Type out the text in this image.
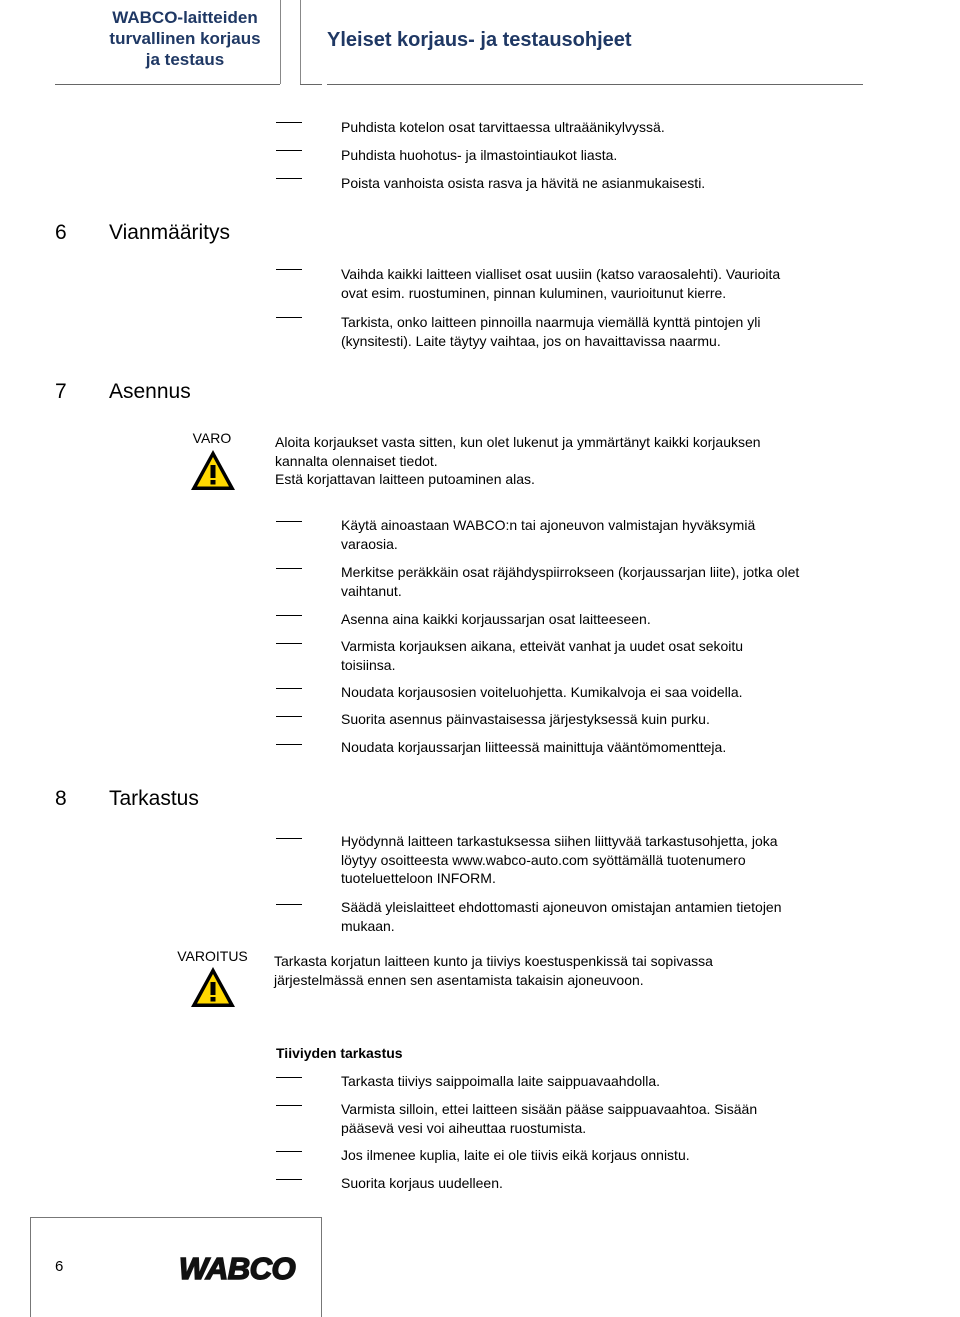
WABCO-laitteiden
turvallinen korjaus
ja testaus
Yleiset korjaus- ja testausohjeet
Puhdista kotelon osat tarvittaessa ultraäänikylvyssä.
Puhdista huohotus- ja ilmastointiaukot liasta.
Poista vanhoista osista rasva ja hävitä ne asianmukaisesti.
6 Vianmääritys
Vaihda kaikki laitteen vialliset osat uusiin (katso varaosalehti). Vaurioita
ovat esim. ruostuminen, pinnan kuluminen, vaurioitunut kierre.
Tarkista, onko laitteen pinnoilla naarmuja viemällä kynttä pintojen yli
(kynsitesti). Laite täytyy vaihtaa, jos on havaittavissa naarmu.
7 Asennus
VARO	Aloita korjaukset vasta sitten, kun olet lukenut ja ymmärtänyt kaikki korjauksen
kannalta olennaiset tiedot.
Estä korjattavan laitteen putoaminen alas.
Käytä ainoastaan WABCO:n tai ajoneuvon valmistajan hyväksymiä
varaosia.
Merkitse peräkkäin osat räjähdyspiirrokseen (korjaussarjan liite), jotka olet
vaihtanut.
Asenna aina kaikki korjaussarjan osat laitteeseen.
Varmista korjauksen aikana, etteivät vanhat ja uudet osat sekoitu
toisiinsa.
Noudata korjausosien voiteluohjetta. Kumikalvoja ei saa voidella.
Suorita asennus päinvastaisessa järjestyksessä kuin purku.
Noudata korjaussarjan liitteessä mainittuja vääntömomentteja.
8 Tarkastus
Hyödynnä laitteen tarkastuksessa siihen liittyvää tarkastusohjetta, joka
löytyy osoitteesta www.wabco-auto.com syöttämällä tuotenumero
tuoteluetteloon INFORM.
Säädä yleislaitteet ehdottomasti ajoneuvon omistajan antamien tietojen
mukaan.
VAROITUS	Tarkasta korjatun laitteen kunto ja tiiviys koestuspenkissä tai sopivassa
järjestelmässä ennen sen asentamista takaisin ajoneuvoon.
Tiiviyden tarkastus
Tarkasta tiiviys saippoimalla laite saippuavaahdolla.
Varmista silloin, ettei laitteen sisään pääse saippuavaahtoa. Sisään
pääsevä vesi voi aiheuttaa ruostumista.
Jos ilmenee kuplia, laite ei ole tiivis eikä korjaus onnistu.
Suorita korjaus uudelleen.
6	WABCO
